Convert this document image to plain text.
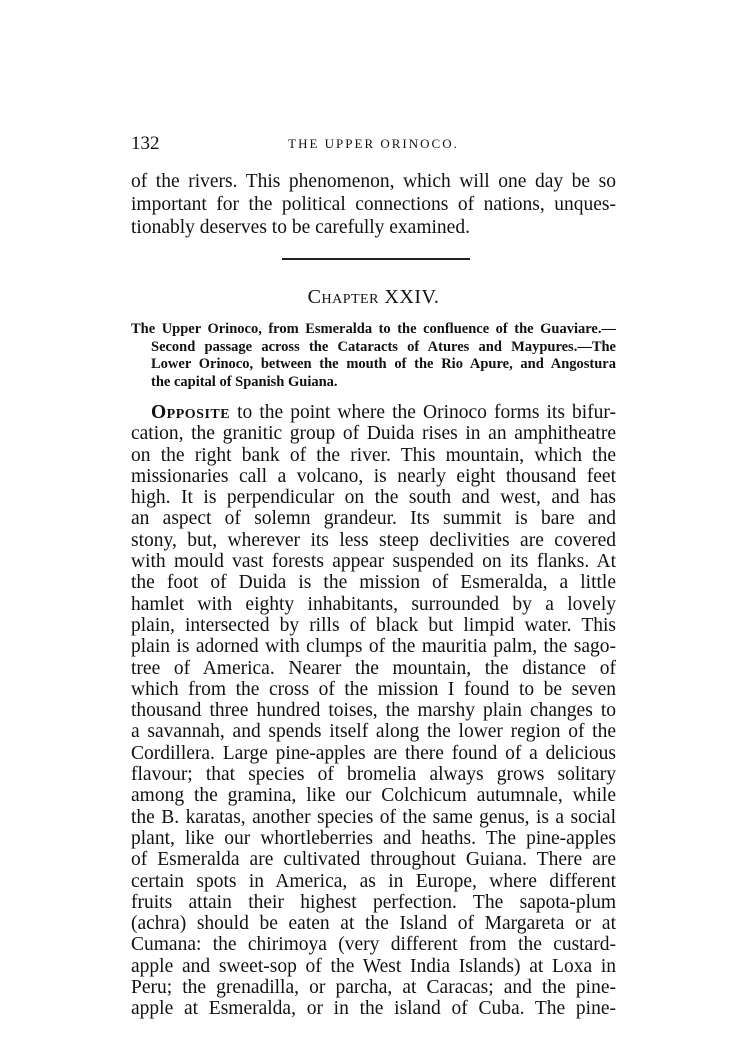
132	THE UPPER ORINOCO.
of the rivers. This phenomenon, which will one day be so
important for the political connections of nations, unques-
tionably deserves to be carefully examined.
Chapter XXIV.
The Upper Orinoco, from Esmeralda to the confluence of the Guaviare.—
Second passage across the Cataracts of Atures and Maypures.—The
Lower Orinoco, between the mouth of the Rio Apure, and Angostura
the capital of Spanish Guiana.
Opposite to the point where the Orinoco forms its bifur-
cation, the granitic group of Duida rises in an amphitheatre
on the right bank of the river. This mountain, which the
missionaries call a volcano, is nearly eight thousand feet
high. It is perpendicular on the south and west, and has
an aspect of solemn grandeur. Its summit is bare and
stony, but, wherever its less steep declivities are covered
with mould vast forests appear suspended on its flanks. At
the foot of Duida is the mission of Esmeralda, a little
hamlet with eighty inhabitants, surrounded by a lovely
plain, intersected by rills of black but limpid water. This
plain is adorned with clumps of the mauritia palm, the sago-
tree of America. Nearer the mountain, the distance of
which from the cross of the mission I found to be seven
thousand three hundred toises, the marshy plain changes to
a savannah, and spends itself along the lower region of the
Cordillera. Large pine-apples are there found of a delicious
flavour; that species of bromelia always grows solitary
among the gramina, like our Colchicum autumnale, while
the B. karatas, another species of the same genus, is a social
plant, like our whortleberries and heaths. The pine-apples
of Esmeralda are cultivated throughout Guiana. There are
certain spots in America, as in Europe, where different
fruits attain their highest perfection. The sapota-plum
(achra) should be eaten at the Island of Margareta or at
Cumana: the chirimoya (very different from the custard-
apple and sweet-sop of the West India Islands) at Loxa in
Peru; the grenadilla, or parcha, at Caracas; and the pine-
apple at Esmeralda, or in the island of Cuba. The pine-
